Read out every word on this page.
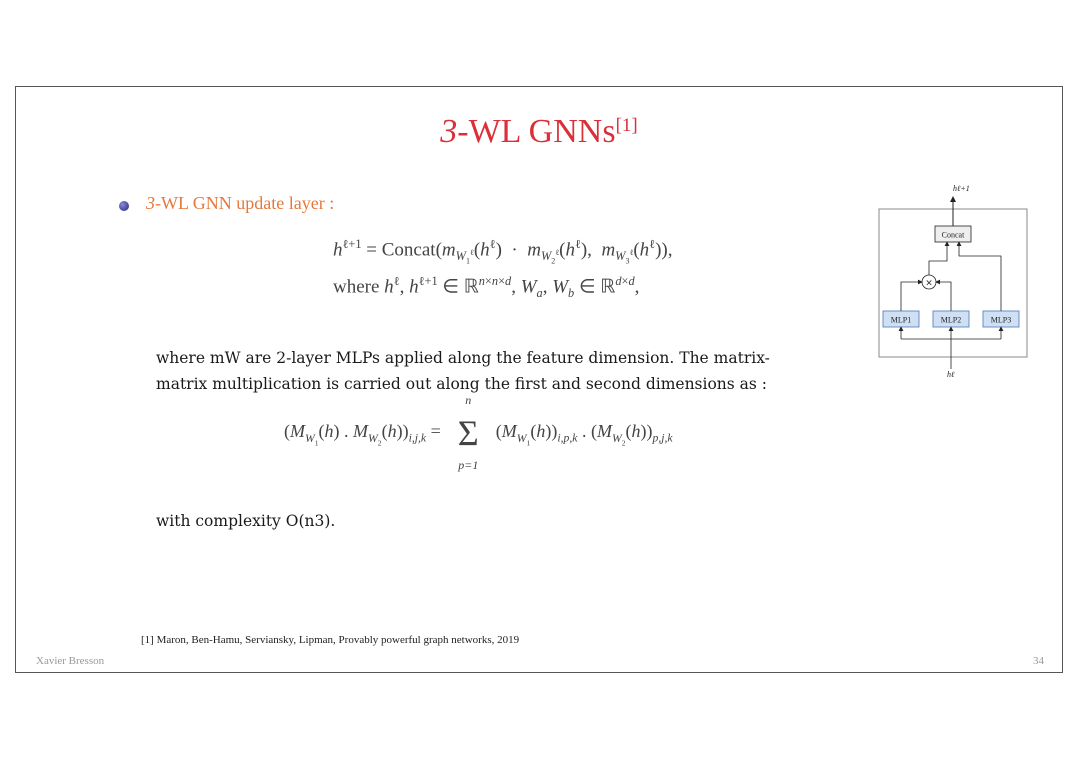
3-WL GNNs[1]
3-WL GNN update layer :
$h^{\ell+1}$ = $Concat(m_{W_1^\ell}(h^\ell) \cdot m_{W_2^\ell}(h^\ell)$,  $m_{W_3^\ell}(h^\ell)$),
where $h^\ell$, $h^{\ell+1}$ ∈ ℝ$^{n\times n\times d}$, $W_a$, $W_b$ ∈ ℝ$^{d\times d}$,
where mW are 2-layer MLPs applied along the feature dimension. The matrix-matrix multiplication is carried out along the first and second dimensions as :
($M_{W_1}(h)$ . $M_{W_2}(h))_{i,j,k}$ =
n
Σ
p=1
$(M_{W_1}(h))_{i,p,k}$ . $(M_{W_2}(h))_{p,j,k}$
with complexity O(n3).
[1] Maron, Ben-Hamu, Serviansky, Lipman, Provably powerful graph networks, 2019
Xavier Bresson	34
hℓ+1
Concat
×
MLP1	MLP2	MLP3
hℓ
